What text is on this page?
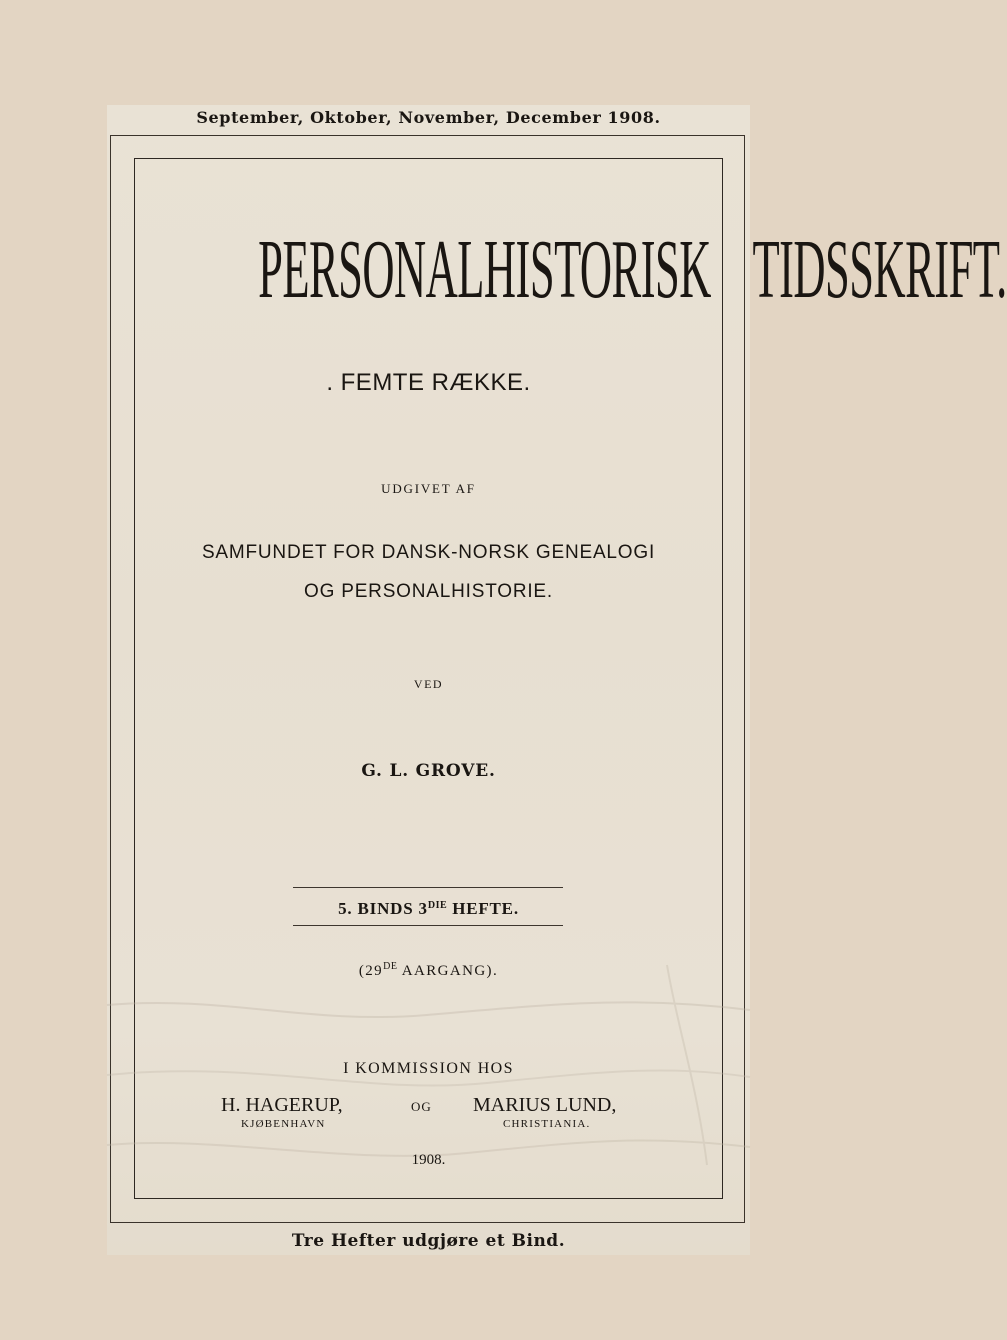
September, Oktober, November, December 1908.
PERSONALHISTORISK TIDSSKRIFT.
. FEMTE RÆKKE.
UDGIVET AF
SAMFUNDET FOR DANSK-NORSK GENEALOGI
OG PERSONALHISTORIE.
VED
G. L. GROVE.
5. BINDS $3^{DIE}$ HEFTE.
(29DE AARGANG).
I KOMMISSION HOS
H. HAGERUP,	OG MARIUS LUND,
KJØBENHAVN	CHRISTIANIA.
1908.
Tre Hefter udgjøre et Bind.
